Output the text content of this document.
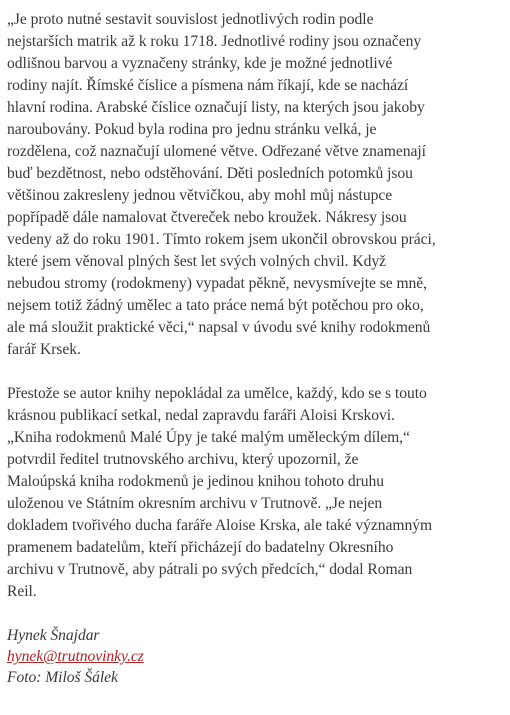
„Je proto nutné sestavit souvislost jednotlivých rodin podle
nejstarších matrik až k roku 1718. Jednotlivé rodiny jsou označeny
odlišnou barvou a vyznačeny stránky, kde je možné jednotlivé
rodiny najít. Římské číslice a písmena nám říkají, kde se nachází
hlavní rodina. Arabské číslice označují listy, na kterých jsou jakoby
naroubovány. Pokud byla rodina pro jednu stránku velká, je
rozdělena, což naznačují ulomené větve. Odřezané větve znamenají
buď bezdětnost, nebo odstěhování. Děti posledních potomků jsou
většinou zakresleny jednou větvičkou, aby mohl můj nástupce
popřípadě dále namalovat čtvereček nebo kroužek. Nákresy jsou
vedeny až do roku 1901. Tímto rokem jsem ukončil obrovskou práci,
které jsem věnoval plných šest let svých volných chvil. Když
nebudou stromy (rodokmeny) vypadat pěkně, nevysmívejte se mně,
nejsem totiž žádný umělec a tato práce nemá být potěchou pro oko,
ale má sloužit praktické věci,“ napsal v úvodu své knihy rodokmenů
farář Krsek.

Přestože se autor knihy nepokládal za umělce, každý, kdo se s touto
krásnou publikací setkal, nedal zapravdu faráři Aloisi Krskovi.
„Kniha rodokmenů Malé Úpy je také malým uměleckým dílem,“
potvrdil ředitel trutnovského archivu, který upozornil, že
Maloúpská kniha rodokmenů je jedinou knihou tohoto druhu
uloženou ve Státním okresním archivu v Trutnově. „Je nejen
dokladem tvořivého ducha faráře Aloise Krska, ale také významným
pramenem badatelům, kteří přicházejí do badatelny Okresního
archivu v Trutnově, aby pátrali po svých předcích,“ dodal Roman
Reil.

Hynek Šnajdar
hynek@trutnovinky.cz
Foto: Miloš Šálek
